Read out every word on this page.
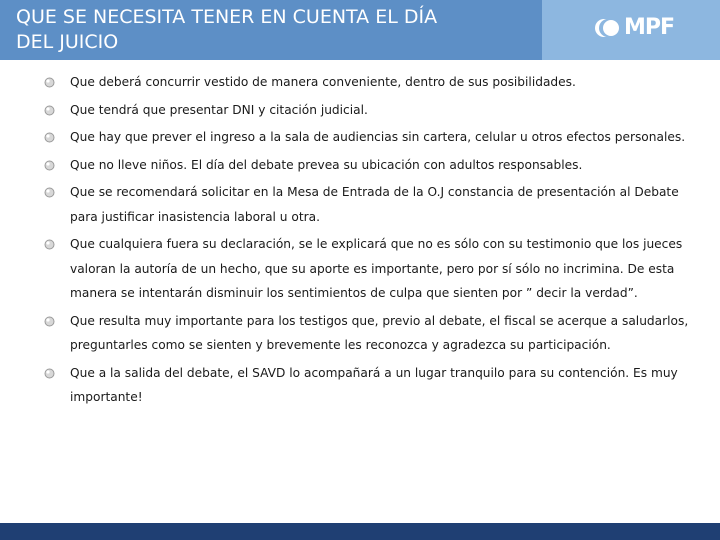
QUE SE NECESITA TENER EN CUENTA EL DÍA
DEL JUICIO
MPF
Que deberá concurrir vestido de manera conveniente, dentro de sus posibilidades.
Que tendrá que presentar DNI y citación judicial.
Que hay que prever el ingreso a la sala de audiencias sin cartera, celular u otros efectos personales.
Que no lleve niños. El día del debate prevea su ubicación con adultos responsables.
Que se recomendará solicitar en la Mesa de Entrada de la O.J constancia de presentación al Debate para justificar inasistencia laboral u otra.
Que cualquiera fuera su declaración, se le explicará que no es sólo con su testimonio que los jueces valoran la autoría de un hecho, que su aporte es importante, pero por sí sólo no incrimina. De esta manera se intentarán disminuir los sentimientos de culpa que sienten por ” decir la verdad”.
Que resulta muy importante para los testigos que, previo al debate, el fiscal se acerque a saludarlos, preguntarles como se sienten y brevemente les reconozca y agradezca su participación.
Que a la salida del debate, el SAVD lo acompañará a un lugar tranquilo para su contención. Es muy importante!
